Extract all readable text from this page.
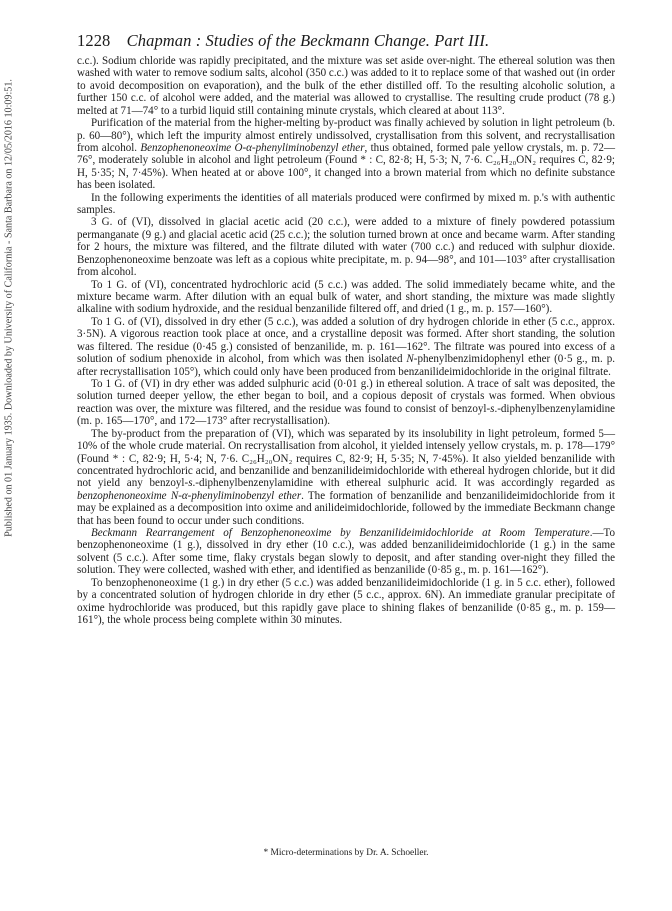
1228 Chapman : Studies of the Beckmann Change. Part III.
Published on 01 January 1935. Downloaded by University of California - Santa Barbara on 12/05/2016 10:09:51.

c.c.). Sodium chloride was rapidly precipitated, and the mixture was set aside over-night. The ethereal solution was then washed with water to remove sodium salts, alcohol (350 c.c.) was added to it to replace some of that washed out (in order to avoid decomposition on evaporation), and the bulk of the ether distilled off. To the resulting alcoholic solution, a further 150 c.c. of alcohol were added, and the material was allowed to crystallise. The resulting crude product (78 g.) melted at 71—74° to a turbid liquid still containing minute crystals, which cleared at about 113°.

Purification of the material from the higher-melting by-product was finally achieved by solution in light petroleum (b. p. 60—80°), which left the impurity almost entirely undissolved, crystallisation from this solvent, and recrystallisation from alcohol. Benzophenoneoxime O-α-phenyliminobenzyl ether, thus obtained, formed pale yellow crystals, m. p. 72—76°, moderately soluble in alcohol and light petroleum (Found * : C, 82·8; H, 5·3; N, 7·6. C₂₆H₂₀ON₂ requires C, 82·9; H, 5·35; N, 7·45%). When heated at or above 100°, it changed into a brown material from which no definite substance has been isolated.

In the following experiments the identities of all materials produced were confirmed by mixed m. p.'s with authentic samples.

3 G. of (VI), dissolved in glacial acetic acid (20 c.c.), were added to a mixture of finely powdered potassium permanganate (9 g.) and glacial acetic acid (25 c.c.); the solution turned brown at once and became warm. After standing for 2 hours, the mixture was filtered, and the filtrate diluted with water (700 c.c.) and reduced with sulphur dioxide. Benzophenoneoxime benzoate was left as a copious white precipitate, m. p. 94—98°, and 101—103° after crystallisation from alcohol.

To 1 G. of (VI), concentrated hydrochloric acid (5 c.c.) was added. The solid immediately became white, and the mixture became warm. After dilution with an equal bulk of water, and short standing, the mixture was made slightly alkaline with sodium hydroxide, and the residual benzanilide filtered off, and dried (1 g., m. p. 157—160°).

To 1 G. of (VI), dissolved in dry ether (5 c.c.), was added a solution of dry hydrogen chloride in ether (5 c.c., approx. 3·5N). A vigorous reaction took place at once, and a crystalline deposit was formed. After short standing, the solution was filtered. The residue (0·45 g.) consisted of benzanilide, m. p. 161—162°. The filtrate was poured into excess of a solution of sodium phenoxide in alcohol, from which was then isolated N-phenylbenzimidophenyl ether (0·5 g., m. p. after recrystallisation 105°), which could only have been produced from benzanilideimidochloride in the original filtrate.

To 1 G. of (VI) in dry ether was added sulphuric acid (0·01 g.) in ethereal solution. A trace of salt was deposited, the solution turned deeper yellow, the ether began to boil, and a copious deposit of crystals was formed. When obvious reaction was over, the mixture was filtered, and the residue was found to consist of benzoyl-s.-diphenylbenzenylamidine (m. p. 165—170°, and 172—173° after recrystallisation).

The by-product from the preparation of (VI), which was separated by its insolubility in light petroleum, formed 5—10% of the whole crude material. On recrystallisation from alcohol, it yielded intensely yellow crystals, m. p. 178—179° (Found * : C, 82·9; H, 5·4; N, 7·6. C₂₆H₂₀ON₂ requires C, 82·9; H, 5·35; N, 7·45%). It also yielded benzanilide with concentrated hydrochloric acid, and benzanilide and benzanilideimidochloride with ethereal hydrogen chloride, but it did not yield any benzoyl-s.-diphenylbenzenylamidine with ethereal sulphuric acid. It was accordingly regarded as benzophenoneoxime N-α-phenyliminobenzyl ether. The formation of benzanilide and benzanilideimidochloride from it may be explained as a decomposition into oxime and anilideimidochloride, followed by the immediate Beckmann change that has been found to occur under such conditions.

Beckmann Rearrangement of Benzophenoneoxime by Benzanilideimidochloride at Room Temperature.—To benzophenoneoxime (1 g.), dissolved in dry ether (10 c.c.), was added benzanilideimidochloride (1 g.) in the same solvent (5 c.c.). After some time, flaky crystals began slowly to deposit, and after standing over-night they filled the solution. They were collected, washed with ether, and identified as benzanilide (0·85 g., m. p. 161—162°).

To benzophenoneoxime (1 g.) in dry ether (5 c.c.) was added benzanilideimidochloride (1 g. in 5 c.c. ether), followed by a concentrated solution of hydrogen chloride in dry ether (5 c.c., approx. 6N). An immediate granular precipitate of oxime hydrochloride was produced, but this rapidly gave place to shining flakes of benzanilide (0·85 g., m. p. 159—161°), the whole process being complete within 30 minutes.

* Micro-determinations by Dr. A. Schoeller.
